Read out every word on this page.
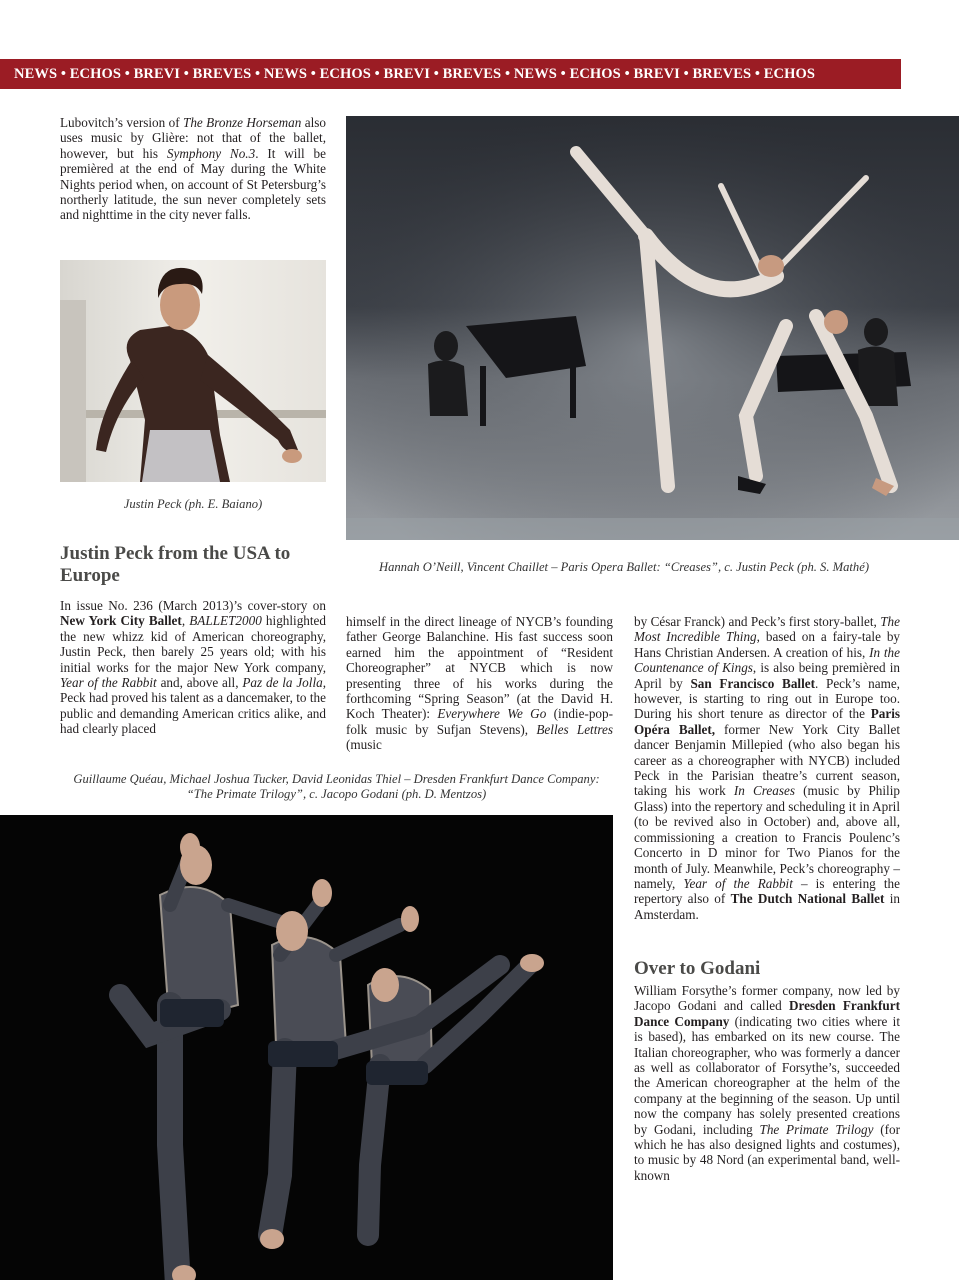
NEWS • ECHOS • BREVI • BREVES • NEWS • ECHOS • BREVI • BREVES • NEWS • ECHOS • BREVI • BREVES • ECHOS
Lubovitch’s version of The Bronze Horseman also uses music by Glière: not that of the ballet, however, but his Symphony No.3. It will be premièred at the end of May during the White Nights period when, on account of St Petersburg’s northerly latitude, the sun never completely sets and nighttime in the city never falls.
Justin Peck (ph. E. Baiano)
Hannah O’Neill, Vincent Chaillet – Paris Opera Ballet: “Creases”, c. Justin Peck (ph. S. Mathé)
Justin Peck from the USA to Europe
In issue No. 236 (March 2013)’s cover-story on New York City Ballet, BALLET2000 highlighted the new whizz kid of American choreography, Justin Peck, then barely 25 years old; with his initial works for the major New York company, Year of the Rabbit and, above all, Paz de la Jolla, Peck had proved his talent as a dancemaker, to the public and demanding American critics alike, and had clearly placed
himself in the direct lineage of NYCB’s founding father George Balanchine. His fast success soon earned him the appointment of “Resident Choreographer” at NYCB which is now presenting three of his works during the forthcoming “Spring Season” (at the David H. Koch Theater): Everywhere We Go (indie-pop-folk music by Sufjan Stevens), Belles Lettres (music
by César Franck) and Peck’s first story-ballet, The Most Incredible Thing, based on a fairy-tale by Hans Christian Andersen. A creation of his, In the Countenance of Kings, is also being premièred in April by San Francisco Ballet. Peck’s name, however, is starting to ring out in Europe too. During his short tenure as director of the Paris Opéra Ballet, former New York City Ballet dancer Benjamin Millepied (who also began his career as a choreographer with NYCB) included Peck in the Parisian theatre’s current season, taking his work In Creases (music by Philip Glass) into the repertory and scheduling it in April (to be revived also in October) and, above all, commissioning a creation to Francis Poulenc’s Concerto in D minor for Two Pianos for the month of July. Meanwhile, Peck’s choreography – namely, Year of the Rabbit – is entering the repertory also of The Dutch National Ballet in Amsterdam.
Guillaume Quéau, Michael Joshua Tucker, David Leonidas Thiel – Dresden Frankfurt Dance Company: “The Primate Trilogy”, c. Jacopo Godani (ph. D. Mentzos)
Over to Godani
William Forsythe’s former company, now led by Jacopo Godani and called Dresden Frankfurt Dance Company (indicating two cities where it is based), has embarked on its new course. The Italian choreographer, who was formerly a dancer as well as collaborator of Forsythe’s, succeeded the American choreographer at the helm of the company at the beginning of the season. Up until now the company has solely presented creations by Godani, including The Primate Trilogy (for which he has also designed lights and costumes), to music by 48 Nord (an experimental band, well-known
